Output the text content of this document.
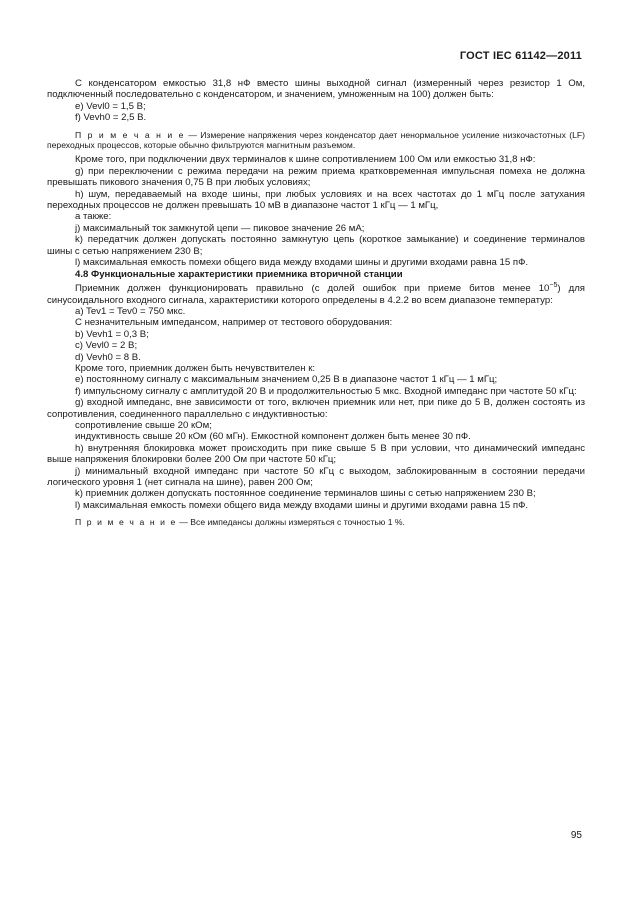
ГОСТ IEC 61142—2011

С конденсатором емкостью 31,8 нФ вместо шины выходной сигнал (измеренный через резистор 1 Ом, подключенный последовательно с конденсатором, и значением, умноженным на 100) должен быть:

e) Vevl0 = 1,5 В;

f) Vevh0 = 2,5 В.

П р и м е ч а н и е — Измерение напряжения через конденсатор дает ненормальное усиление низкочастотных (LF) переходных процессов, которые обычно фильтруются магнитным разъемом.

Кроме того, при подключении двух терминалов к шине сопротивлением 100 Ом или емкостью 31,8 нФ:

g) при переключении с режима передачи на режим приема кратковременная импульсная помеха не должна превышать пикового значения 0,75 В при любых условиях;

h) шум, передаваемый на входе шины, при любых условиях и на всех частотах до 1 мГц после затухания переходных процессов не должен превышать 10 мВ в диапазоне частот 1 кГц — 1 мГц,

а также:

j) максимальный ток замкнутой цепи — пиковое значение 26 мА;

k) передатчик должен допускать постоянно замкнутую цепь (короткое замыкание) и соединение терминалов шины с сетью напряжением 230 В;

l) максимальная емкость помехи общего вида между входами шины и другими входами равна 15 пФ.

4.8 Функциональные характеристики приемника вторичной станции

Приемник должен функционировать правильно (с долей ошибок при приеме битов менее $10^{-5}$) для синусоидального входного сигнала, характеристики которого определены в 4.2.2 во всем диапазоне температур:

a) Tev1 = Tev0 = 750 мкс.

С незначительным импедансом, например от тестового оборудования:

b) Vevh1 = 0,3 В;

c) Vevl0 = 2 В;

d) Vevh0 = 8 В.

Кроме того, приемник должен быть нечувствителен к:

e) постоянному сигналу с максимальным значением 0,25 В в диапазоне частот 1 кГц — 1 мГц;

f) импульсному сигналу с амплитудой 20 В и продолжительностью 5 мкс. Входной импеданс при частоте 50 кГц:

g) входной импеданс, вне зависимости от того, включен приемник или нет, при пике до 5 В, должен состоять из сопротивления, соединенного параллельно с индуктивностью:

сопротивление свыше 20 кОм;

индуктивность свыше 20 кОм (60 мГн). Емкостной компонент должен быть менее 30 пФ.

h) внутренняя блокировка может происходить при пике свыше 5 В при условии, что динамический импеданс выше напряжения блокировки более 200 Ом при частоте 50 кГц;

j) минимальный входной импеданс при частоте 50 кГц с выходом, заблокированным в состоянии передачи логического уровня 1 (нет сигнала на шине), равен 200 Ом;

k) приемник должен допускать постоянное соединение терминалов шины с сетью напряжением 230 В;

l) максимальная емкость помехи общего вида между входами шины и другими входами равна 15 пФ.

П р и м е ч а н и е — Все импедансы должны измеряться с точностью 1 %.

95
